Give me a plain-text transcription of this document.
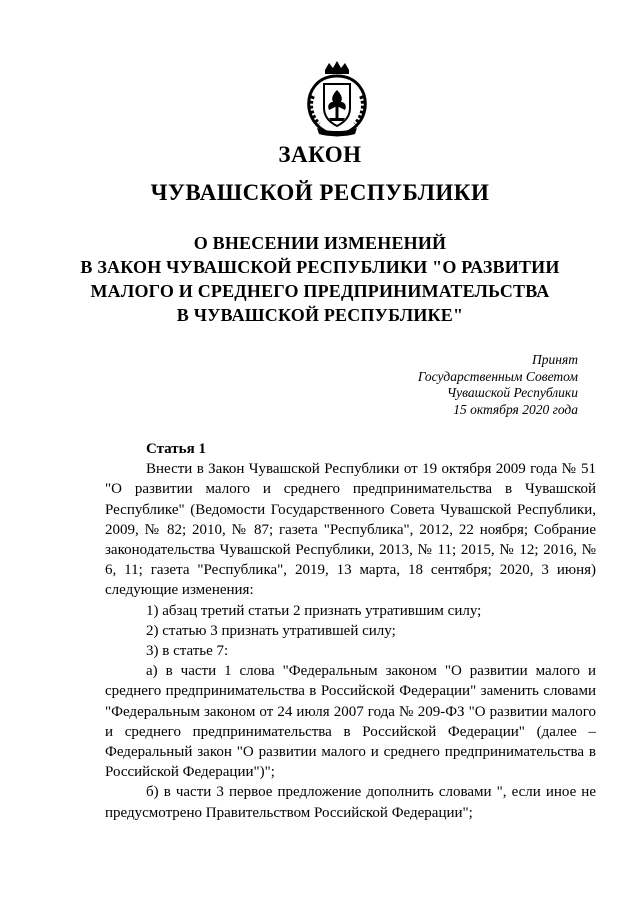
ЗАКОН
ЧУВАШСКОЙ РЕСПУБЛИКИ
О ВНЕСЕНИИ ИЗМЕНЕНИЙ
В ЗАКОН ЧУВАШСКОЙ РЕСПУБЛИКИ "О РАЗВИТИИ
МАЛОГО И СРЕДНЕГО ПРЕДПРИНИМАТЕЛЬСТВА
В ЧУВАШСКОЙ РЕСПУБЛИКЕ"
Принят
Государственным Советом
Чувашской Республики
15 октября 2020 года

Статья 1

Внести в Закон Чувашской Республики от 19 октября 2009 года № 51 "О развитии малого и среднего предпринимательства в Чувашской Республике" (Ведомости Государственного Совета Чувашской Республики, 2009, № 82; 2010, № 87; газета "Республика", 2012, 22 ноября; Собрание законодательства Чувашской Республики, 2013, № 11; 2015, № 12; 2016, № 6, 11; газета "Республика", 2019, 13 марта, 18 сентября; 2020, 3 июня) следующие изменения:

1) абзац третий статьи 2 признать утратившим силу;

2) статью 3 признать утратившей силу;

3) в статье 7:

а) в части 1 слова "Федеральным законом "О развитии малого и среднего предпринимательства в Российской Федерации" заменить словами "Федеральным законом от 24 июля 2007 года № 209-ФЗ "О развитии малого и среднего предпринимательства в Российской Федерации" (далее – Федеральный закон "О развитии малого и среднего предпринимательства в Российской Федерации")";

б) в части 3 первое предложение дополнить словами ", если иное не предусмотрено Правительством Российской Федерации";
